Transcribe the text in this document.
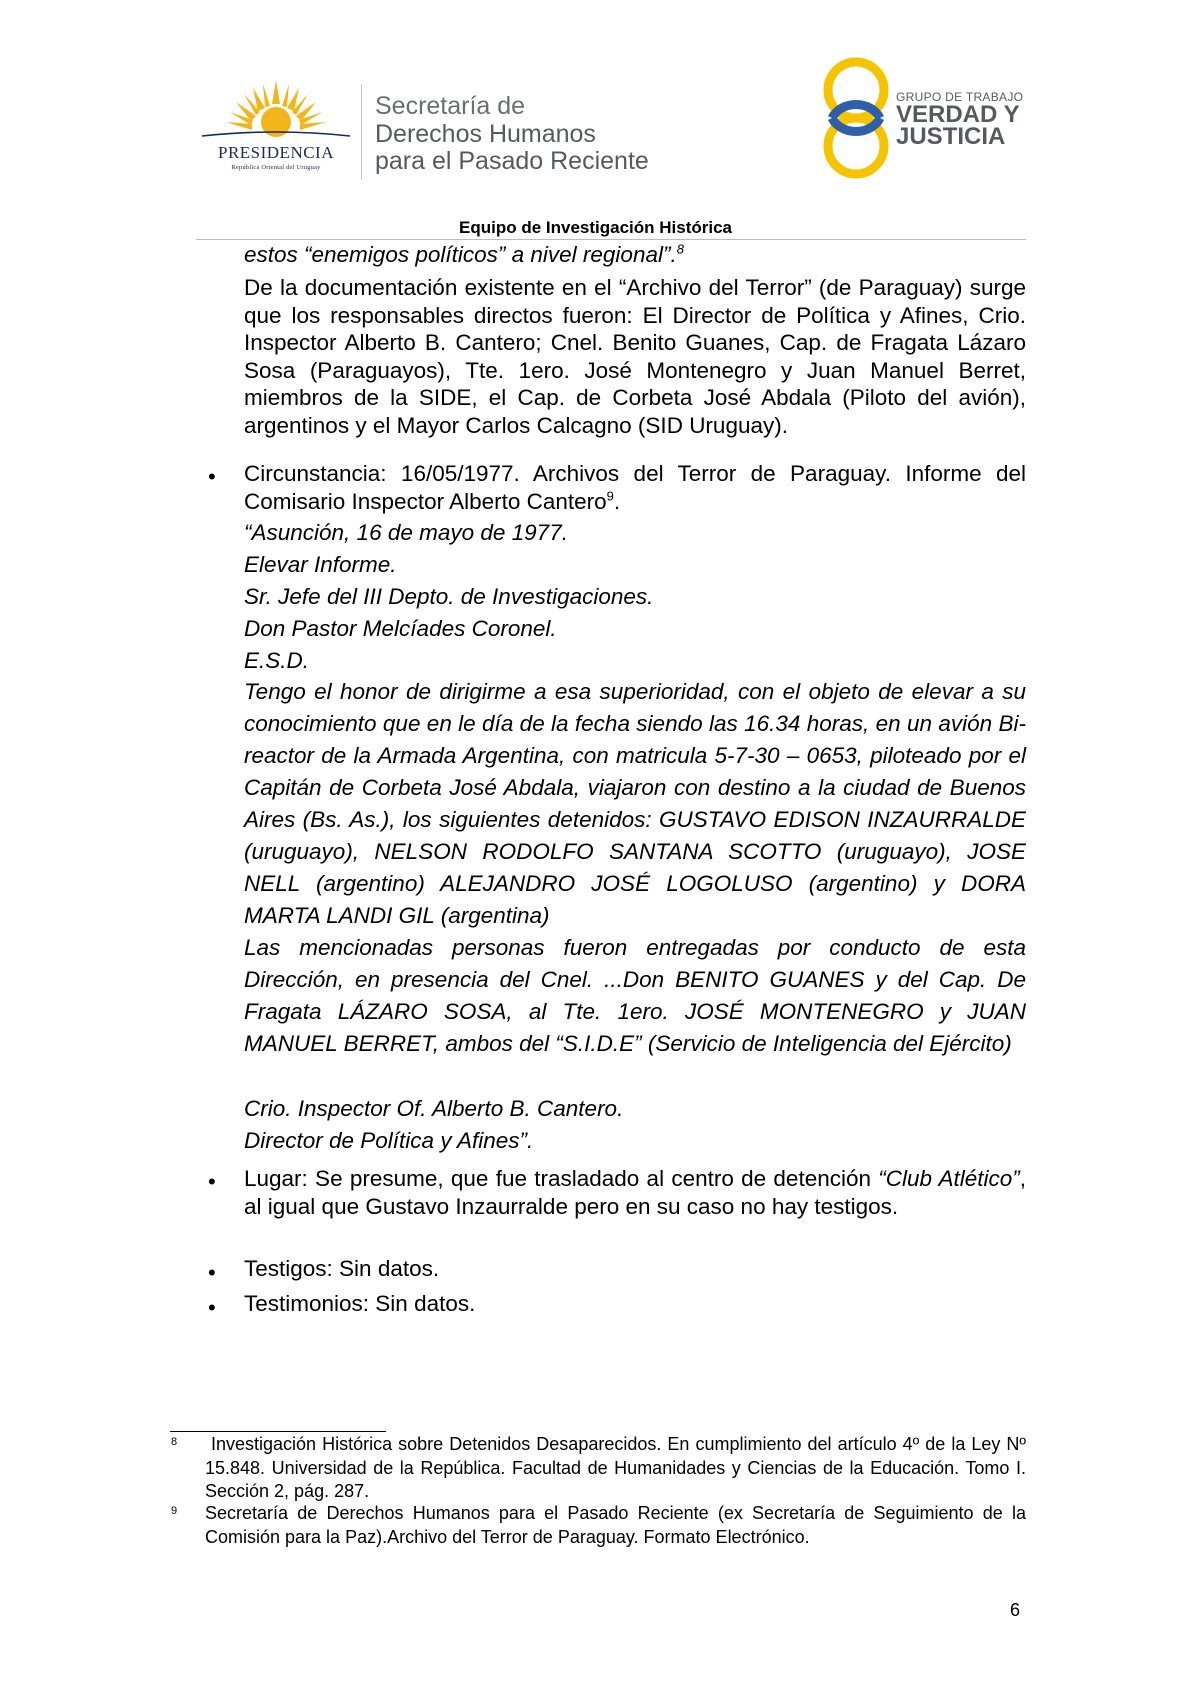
PRESIDENCIA
República Oriental del Uruguay
Secretaría de
Derechos Humanos
para el Pasado Reciente
GRUPO DE TRABAJO
VERDAD Y
JUSTICIA
Equipo de Investigación Histórica
estos “enemigos políticos” a nivel regional”.$^8$
De la documentación existente en el “Archivo del Terror” (de Paraguay) surge que los responsables directos fueron: El Director de Política y Afines, Crio. Inspector Alberto B. Cantero; Cnel. Benito Guanes, Cap. de Fragata Lázaro Sosa (Paraguayos), Tte. 1ero. José Montenegro y Juan Manuel Berret, miembros de la SIDE, el Cap. de Corbeta José Abdala (Piloto del avión), argentinos y el Mayor Carlos Calcagno (SID Uruguay).
• Circunstancia: 16/05/1977. Archivos del Terror de Paraguay. Informe del Comisario Inspector Alberto Cantero$^9$.
“Asunción, 16 de mayo de 1977.
Elevar Informe.
Sr. Jefe del III Depto. de Investigaciones.
Don Pastor Melcíades Coronel.
E.S.D.
Tengo el honor de dirigirme a esa superioridad, con el objeto de elevar a su conocimiento que en le día de la fecha siendo las 16.34 horas, en un avión Bi-reactor de la Armada Argentina, con matricula 5-7-30 – 0653, piloteado por el Capitán de Corbeta José Abdala, viajaron con destino a la ciudad de Buenos Aires (Bs. As.), los siguientes detenidos: GUSTAVO EDISON INZAURRALDE (uruguayo), NELSON RODOLFO SANTANA SCOTTO (uruguayo), JOSE NELL (argentino) ALEJANDRO JOSÉ LOGOLUSO (argentino) y DORA MARTA LANDI GIL (argentina)
Las mencionadas personas fueron entregadas por conducto de esta Dirección, en presencia del Cnel. ...Don BENITO GUANES y del Cap. De Fragata LÁZARO SOSA, al Tte. 1ero. JOSÉ MONTENEGRO y JUAN MANUEL BERRET, ambos del “S.I.D.E” (Servicio de Inteligencia del Ejército)
Crio. Inspector Of. Alberto B. Cantero.
Director de Política y Afines”.
• Lugar: Se presume, que fue trasladado al centro de detención “Club Atlético”, al igual que Gustavo Inzaurralde pero en su caso no hay testigos.
• Testigos: Sin datos.
• Testimonios: Sin datos.
8	Investigación Histórica sobre Detenidos Desaparecidos. En cumplimiento del artículo 4º de la Ley Nº 15.848. Universidad de la República. Facultad de Humanidades y Ciencias de la Educación. Tomo I. Sección 2, pág. 287.
9 Secretaría de Derechos Humanos para el Pasado Reciente (ex Secretaría de Seguimiento de la Comisión para la Paz).Archivo del Terror de Paraguay. Formato Electrónico.
6
